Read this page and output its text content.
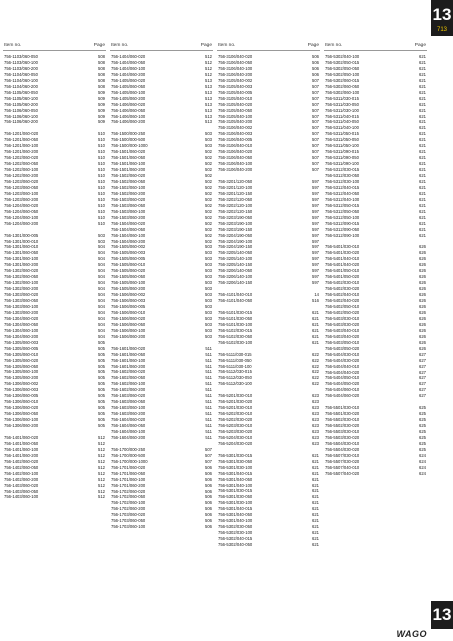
13
713
Item no.	Page
756-1103/060-050	508
756-1103/060-100	508
756-1103/060-200	508
756-1104/060-050	508
756-1104/060-100	508
756-1104/060-200	508
756-1105/060-050	509
756-1105/060-100	509
756-1105/060-200	509
756-1106/060-050	509
756-1106/060-100	509
756-1106/060-200	509
756-1201/060-020	510
756-1201/060-050	510
756-1201/060-100	510
756-1201/060-200	510
756-1202/060-020	510
756-1202/060-050	510
756-1202/060-100	510
756-1202/060-200	510
756-1203/060-020	510
756-1203/060-050	510
756-1203/060-100	510
756-1203/060-200	510
756-1204/060-020	510
756-1204/060-050	510
756-1204/060-100	510
756-1204/060-200	510
756-1301/000-005	503
756-1301/000-010	503
756-1301/060-010	504
756-1301/060-050	504
756-1301/060-100	504
756-1301/060-200	504
756-1302/060-020	504
756-1302/060-050	504
756-1302/060-100	504
756-1302/060-200	504
756-1303/060-020	504
756-1303/060-050	504
756-1303/060-100	504
756-1303/060-200	504
756-1304/060-020	504
756-1304/060-050	504
756-1304/060-100	504
756-1304/060-200	504
756-1305/060-003	505
756-1305/060-005	505
756-1305/060-010	505
756-1305/060-020	505
756-1305/060-050	505
756-1305/060-100	505
756-1305/060-200	505
756-1306/060-002	505
756-1306/060-003	505
756-1306/060-005	505
756-1306/060-010	505
756-1306/060-020	505
756-1306/060-050	505
756-1306/060-100	505
756-1306/060-200	505
756-1401/060-020	512
756-1401/060-050	512
756-1401/060-100	512
756-1401/060-200	512
756-1402/060-020	512
756-1402/060-050	512
756-1402/060-100	512
756-1402/060-200	512
756-1403/060-020	512
756-1403/060-050	512
756-1403/060-100	512
Item no.	Page
756-1404/060-020	512
756-1404/060-050	512
756-1404/060-100	512
756-1404/060-200	512
756-1405/060-020	513
756-1405/060-050	513
756-1405/060-100	513
756-1405/060-200	513
756-1406/060-020	513
756-1406/060-050	513
756-1406/060-100	513
756-1406/060-200	513
756-1500/000-250	503
756-1500/000-500	503
756-1500/000-1000	503
756-1501/060-020	502
756-1501/060-050	502
756-1501/060-100	502
756-1501/060-200	502
756-1502/060-020	502
756-1502/060-050	502
756-1502/060-100	502
756-1502/060-200	502
756-1503/060-020	502
756-1503/060-050	502
756-1503/060-100	502
756-1503/060-200	502
756-1504/060-020	502
756-1504/060-050	502
756-1504/060-100	502
756-1504/060-200	502
756-1505/060-002	503
756-1505/060-003	503
756-1505/060-005	503
756-1505/060-010	503
756-1505/060-020	503
756-1505/060-050	503
756-1505/060-100	503
756-1505/060-200	503
756-1506/060-002	503
756-1506/060-003	503
756-1506/060-005	503
756-1506/060-010	503
756-1506/060-020	503
756-1506/060-050	503
756-1506/060-100	503
756-1506/060-200	503
756-1601/060-020	511
756-1601/060-050	511
756-1601/060-100	511
756-1601/060-200	511
756-1602/060-020	511
756-1602/060-050	511
756-1602/060-100	511
756-1602/060-200	511
756-1603/060-020	511
756-1603/060-050	511
756-1603/060-100	511
756-1603/060-200	511
756-1604/060-020	511
756-1604/060-050	511
756-1604/060-100	511
756-1604/060-200	511
756-1700/000-250	507
756-1700/000-500	507
756-1700/000-1000	507
756-1701/060-020	506
756-1701/060-050	506
756-1701/060-100	506
756-1701/060-200	506
756-1702/060-020	506
756-1702/060-050	506
756-1702/060-100	506
756-1702/060-200	506
756-1703/060-020	506
756-1703/060-050	506
756-1703/060-100	506
Item no.	Page
756-3106/040-020	506
756-3106/040-050	506
756-3106/040-100	506
756-3106/040-200	506
756-3105/040-002	507
756-3105/040-003	507
756-3105/040-005	507
756-3105/040-010	507
756-3105/040-020	507
756-3105/040-050	507
756-3105/040-100	507
756-3105/040-200	507
756-3106/040-002	507
756-3106/040-003	507
756-3106/040-005	507
756-3106/040-010	507
756-3106/040-020	507
756-3106/040-050	507
756-3106/040-100	507
756-3106/040-200	507
756-3201/120-050	597
756-3201/120-100	597
756-3201/120-150	597
756-3202/120-050	597
756-3202/120-100	597
756-3202/120-150	597
756-3203/190-050	597
756-3203/190-100	597
756-3203/190-150	597
756-3204/190-050	597
756-3204/190-100	597
756-3204/190-150	597
756-3205/140-050	597
756-3205/140-100	597
756-3205/140-150	597
756-3206/140-050	597
756-3206/140-100	597
756-3206/140-150	597
756-4101/040-010	14
756-4101/040-050	516
756-5101/030-015	621
756-5101/030-050	621
756-5101/030-100	621
756-5102/030-015	621
756-5102/030-050	621
756-5102/030-100	621
756-5111/030-015	622
756-5111/030-050	622
756-5111/030-100	622
756-5112/030-015	622
756-5112/030-050	622
756-5112/030-100	622
756-5201/030-010	623
756-5201/030-020	623
756-5201/030-010	623
756-5202/030-010	623
756-5202/030-020	623
756-5203/030-010	623
756-5203/030-020	623
756-5204/030-010	623
756-5204/030-020	623
756-5301/030-015	621
756-5301/030-050	621
756-5301/030-100	621
756-5301/040-015	621
756-5301/040-050	621
756-5301/040-100	621
756-5301/030-015	621
756-5301/030-050	621
756-5301/030-100	621
756-5301/040-015	621
756-5301/040-050	621
756-5301/040-100	621
756-5302/030-050	621
756-5302/030-100	621
756-5302/040-015	621
756-5302/040-050	621
Item no.	Page
756-5302/040-100	621
756-5302/050-015	621
756-5302/050-050	621
756-5302/050-100	621
756-5302/060-015	621
756-5302/060-050	621
756-5302/060-100	621
756-5311/030-015	621
756-5311/030-050	621
756-5311/030-100	621
756-5311/040-015	621
756-5311/040-050	621
756-5311/040-100	621
756-5311/050-015	621
756-5311/050-050	621
756-5311/050-100	621
756-5311/090-015	621
756-5311/090-050	621
756-5311/090-100	621
756-5312/030-015	621
756-5312/030-050	621
756-5312/030-100	621
756-5312/040-015	621
756-5312/040-050	621
756-5312/040-100	621
756-5312/050-015	621
756-5312/050-050	621
756-5312/050-100	621
756-5312/090-015	621
756-5312/090-050	621
756-5312/090-100	621
756-5401/030-010	626
756-5401/030-020	626
756-5401/040-010	626
756-5401/040-020	626
756-5401/050-010	626
756-5401/050-020	626
756-5402/030-010	626
756-5402/030-020	626
756-5402/040-010	626
756-5402/040-020	626
756-5402/050-010	626
756-5402/050-020	626
756-5403/030-010	626
756-5403/030-020	626
756-5403/040-010	626
756-5403/040-020	626
756-5403/050-010	626
756-5403/050-020	626
756-5404/030-010	627
756-5404/030-020	627
756-5404/040-010	627
756-5404/040-020	627
756-5404/050-010	627
756-5404/050-020	627
756-5404/060-010	627
756-5404/060-020	627
756-5501/030-010	625
756-5501/030-020	625
756-5502/030-010	625
756-5502/030-020	625
756-5503/030-010	625
756-5503/030-020	625
756-5504/030-010	625
756-5504/030-020	625
756-5507/030-010	624
756-5507/030-020	624
756-5507/040-010	624
756-5507/040-020	624
WAGO
13
